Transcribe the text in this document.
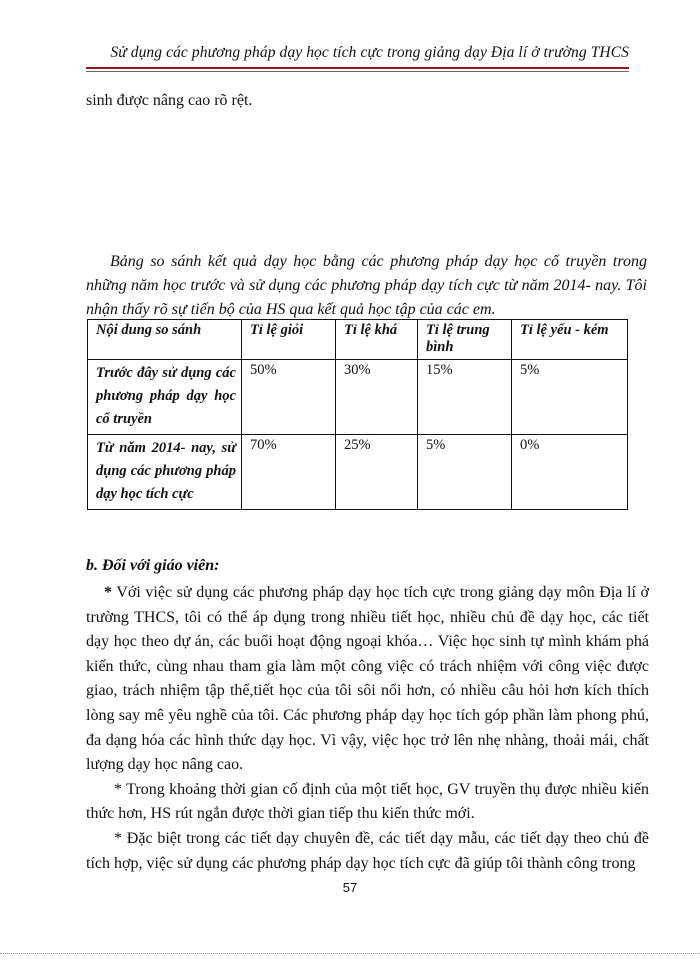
Sử dụng các phương pháp dạy học tích cực trong giảng dạy Địa lí ở trường THCS
sinh được nâng cao rõ rệt.
Bảng so sánh kết quả dạy học bằng các phương pháp dạy học cổ truyền trong những năm học trước và sử dụng các phương pháp dạy tích cực từ năm 2014- nay. Tôi nhận thấy rõ sự tiến bộ của HS qua kết quả học tập của các em.
Nội dung so sánh	Tỉ lệ giỏi	Tỉ lệ khá	Tỉ lệ trung bình	Tỉ lệ yếu - kém
Trước đây sử dụng các phương pháp dạy học cổ truyền	50%	30%	15%	5%
Từ năm 2014- nay, sử dụng các phương pháp dạy học tích cực	70%	25%	5%	0%
b. Đối với giáo viên:

* Với việc sử dụng các phương pháp dạy học tích cực trong giảng dạy môn Địa lí ở trường THCS, tôi có thể áp dụng trong nhiều tiết học, nhiều chủ đề dạy học, các tiết dạy học theo dự án, các buổi hoạt động ngoại khóa… Việc học sinh tự mình khám phá kiến thức, cùng nhau tham gia làm một công việc có trách nhiệm với công việc được giao, trách nhiệm tập thể,tiết học của tôi sôi nổi hơn, có nhiều câu hỏi hơn kích thích lòng say mê yêu nghề của tôi. Các phương pháp dạy học tích góp phần làm phong phú, đa dạng hóa các hình thức dạy học. Vì vậy, việc học trở lên nhẹ nhàng, thoải mái, chất lượng dạy học nâng cao.

* Trong khoảng thời gian cố định của một tiết học, GV truyền thụ được nhiều kiến thức hơn, HS rút ngắn được thời gian tiếp thu kiến thức mới.

* Đặc biệt trong các tiết dạy chuyên đề, các tiết dạy mẫu, các tiết dạy theo chủ đề tích hợp, việc sử dụng các phương pháp dạy học tích cực đã giúp tôi thành công trong

57
